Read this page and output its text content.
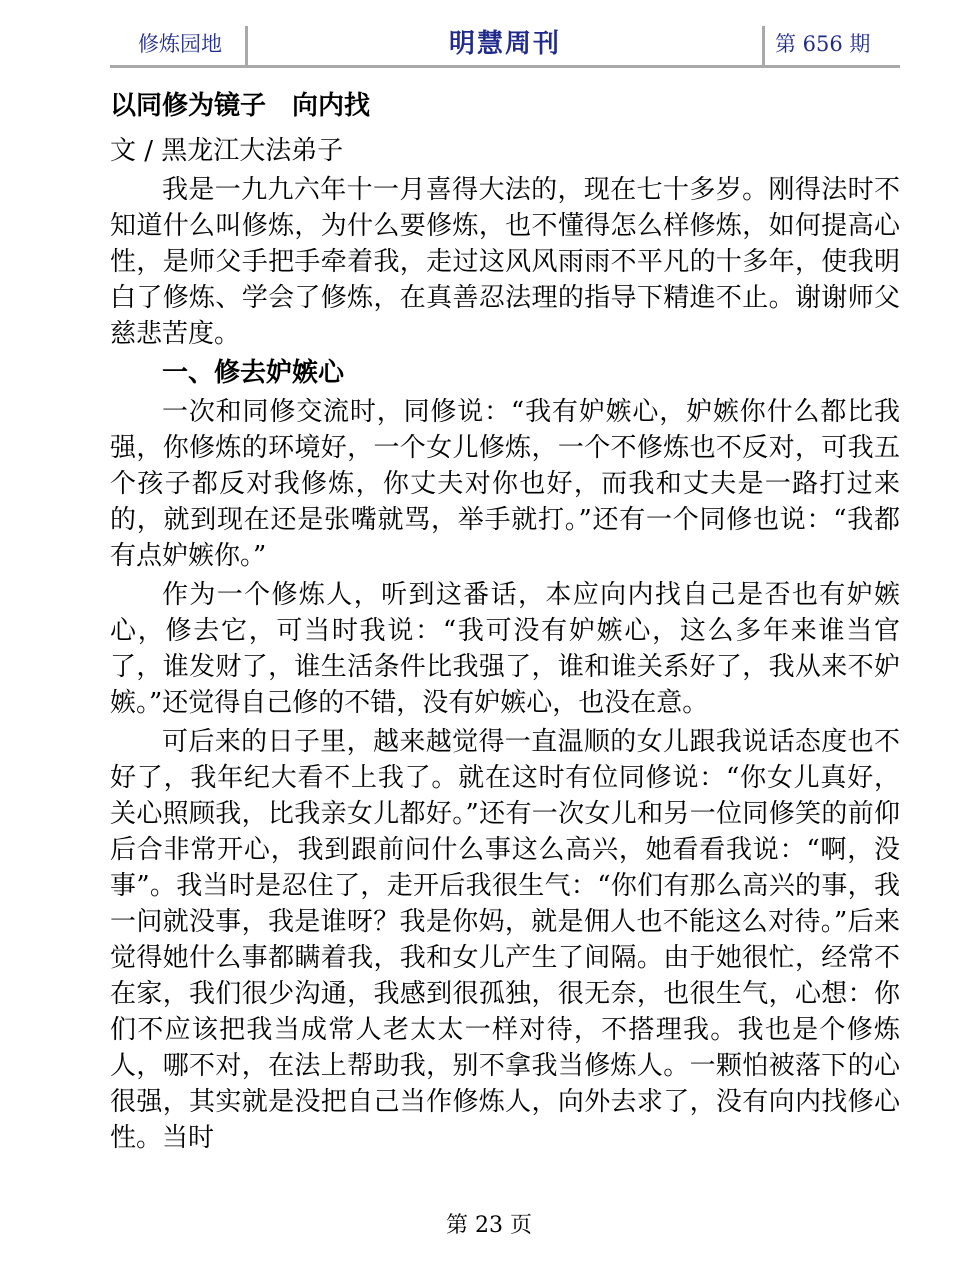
修炼园地	明慧周刊	第 656 期
以同修为镜子　向内找
文 / 黑龙江大法弟子

我是一九九六年十一月喜得大法的，现在七十多岁。刚得法时不知道什么叫修炼，为什么要修炼，也不懂得怎么样修炼，如何提高心性，是师父手把手牵着我，走过这风风雨雨不平凡的十多年，使我明白了修炼、学会了修炼，在真善忍法理的指导下精進不止。谢谢师父慈悲苦度。

一、修去妒嫉心

一次和同修交流时，同修说：“我有妒嫉心，妒嫉你什么都比我强，你修炼的环境好，一个女儿修炼，一个不修炼也不反对，可我五个孩子都反对我修炼，你丈夫对你也好，而我和丈夫是一路打过来的，就到现在还是张嘴就骂，举手就打。”还有一个同修也说：“我都有点妒嫉你。”

作为一个修炼人，听到这番话，本应向内找自己是否也有妒嫉心，修去它，可当时我说：“我可没有妒嫉心，这么多年来谁当官了，谁发财了，谁生活条件比我强了，谁和谁关系好了，我从来不妒嫉。”还觉得自己修的不错，没有妒嫉心，也没在意。

可后来的日子里，越来越觉得一直温顺的女儿跟我说话态度也不好了，我年纪大看不上我了。就在这时有位同修说：“你女儿真好，关心照顾我，比我亲女儿都好。”还有一次女儿和另一位同修笑的前仰后合非常开心，我到跟前问什么事这么高兴，她看看我说：“啊，没事”。我当时是忍住了，走开后我很生气：“你们有那么高兴的事，我一问就没事，我是谁呀？我是你妈，就是佣人也不能这么对待。”后来觉得她什么事都瞒着我，我和女儿产生了间隔。由于她很忙，经常不在家，我们很少沟通，我感到很孤独，很无奈，也很生气，心想：你们不应该把我当成常人老太太一样对待，不搭理我。我也是个修炼人，哪不对，在法上帮助我，别不拿我当修炼人。一颗怕被落下的心很强，其实就是没把自己当作修炼人，向外去求了，没有向内找修心性。当时

第 23 页
